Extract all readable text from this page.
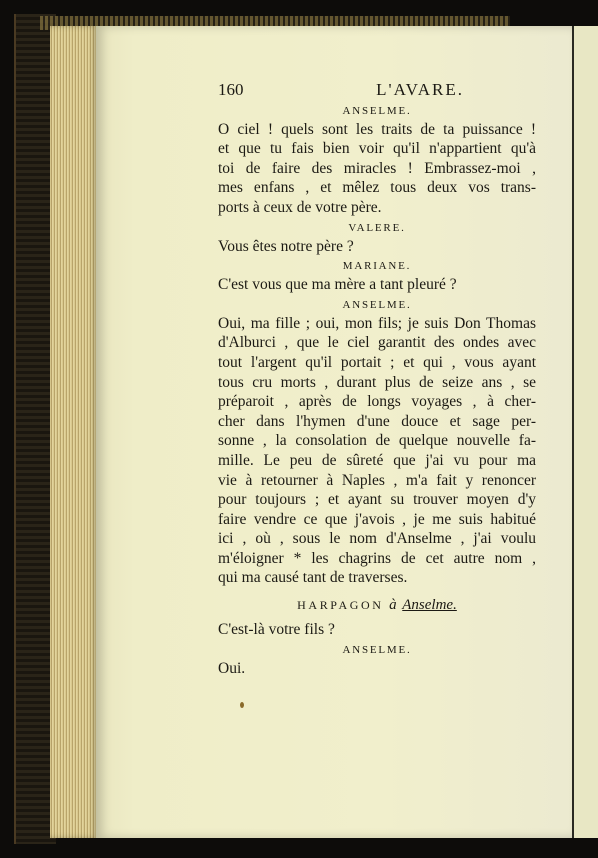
160	L'AVARE.
ANSELME.
O ciel ! quels sont les traits de ta puissance !
et que tu fais bien voir qu'il n'appartient qu'à
toi de faire des miracles ! Embrassez-moi ,
mes enfans , et mêlez tous deux vos trans-
ports à ceux de votre père.
VALERE.
Vous êtes notre père ?
MARIANE.
C'est vous que ma mère a tant pleuré ?
ANSELME.
Oui, ma fille ; oui, mon fils; je suis Don Thomas
d'Alburci , que le ciel garantit des ondes avec
tout l'argent qu'il portait ; et qui , vous ayant
tous cru morts , durant plus de seize ans , se
préparoit , après de longs voyages , à cher-
cher dans l'hymen d'une douce et sage per-
sonne , la consolation de quelque nouvelle fa-
mille. Le peu de sûreté que j'ai vu pour ma
vie à retourner à Naples , m'a fait y renoncer
pour toujours ; et ayant su trouver moyen d'y
faire vendre ce que j'avois , je me suis habitué
ici , où , sous le nom d'Anselme , j'ai voulu
m'éloigner * les chagrins de cet autre nom ,
qui ma causé tant de traverses.
HARPAGON à Anselme.
C'est-là votre fils ?
ANSELME.
Oui.
